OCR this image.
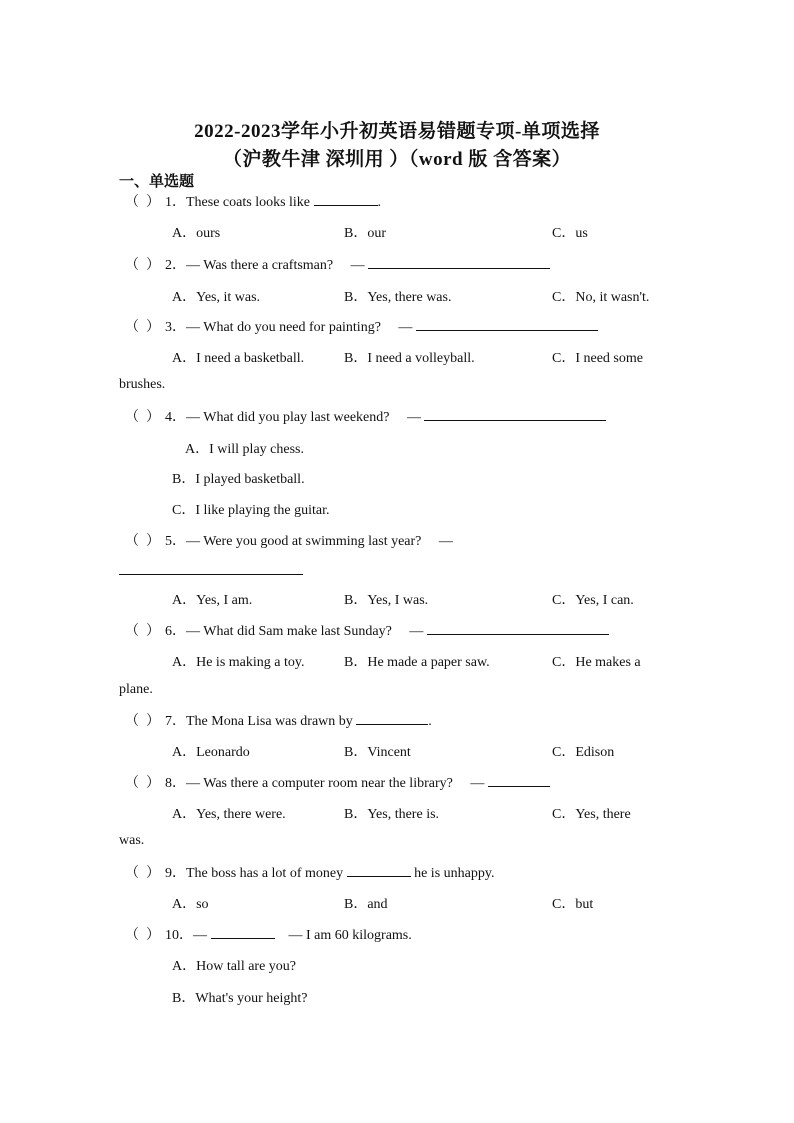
2022-2023学年小升初英语易错题专项-单项选择
（沪教牛津 深圳用 ）（word 版 含答案）
一、单选题
（  ） 1．These coats looks like	.
A．ours	B．our	C．us
（  ） 2．— Was there a craftsman?　 —
A．Yes, it was.	B．Yes, there was.	C．No, it wasn't.
（  ） 3．— What do you need for painting?　 —
A．I need a basketball.	B．I need a volleyball.	C．I need some
brushes.
（  ） 4．— What did you play last weekend?　 —
A．I will play chess.
B．I played basketball.
C．I like playing the guitar.
（  ） 5．— Were you good at swimming last year?　 —
A．Yes, I am.	B．Yes, I was.	C．Yes, I can.
（  ） 6．— What did Sam make last Sunday?　 —
A．He is making a toy.	B．He made a paper saw.	C．He makes a
plane.
（  ） 7．The Mona Lisa was drawn by	.
A．Leonardo	B．Vincent	C．Edison
（  ） 8．— Was there a computer room near the library?　 —
A．Yes, there were.	B．Yes, there is.	C．Yes, there
was.
（  ） 9．The boss has a lot of money	he is unhappy.
A．so	B．and	C．but
（  ） 10．—	　— I am 60 kilograms.
A．How tall are you?
B．What's your height?
